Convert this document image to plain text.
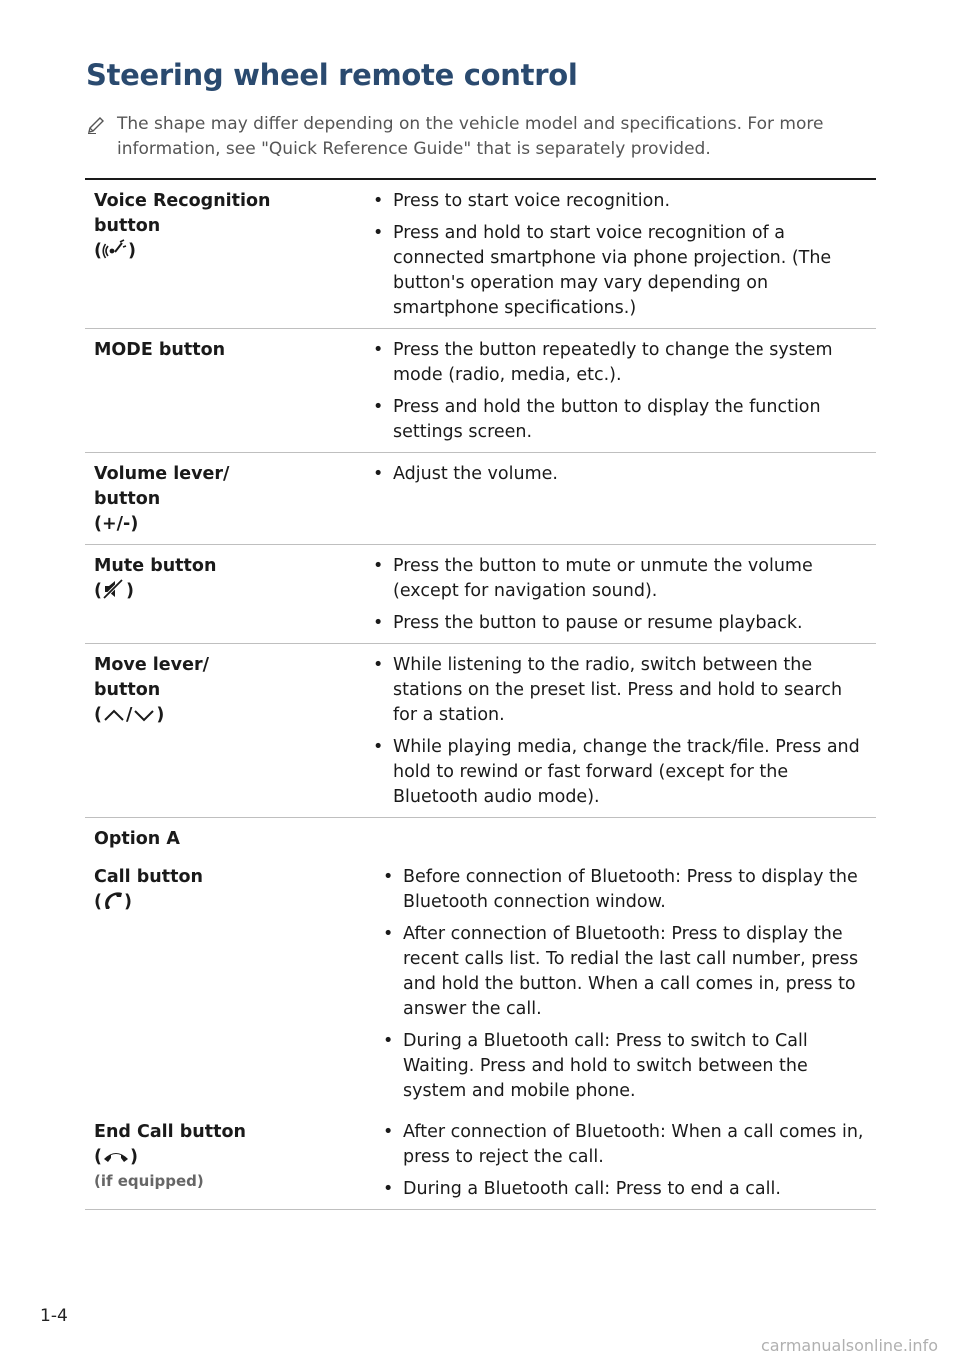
Steering wheel remote control
The shape may differ depending on the vehicle model and specifications. For more information, see "Quick Reference Guide" that is separately provided.
Voice Recognition
button
( )
• Press to start voice recognition.
• Press and hold to start voice recognition of a connected smartphone via phone projection. (The button's operation may vary depending on smartphone specifications.)
MODE button	• Press the button repeatedly to change the system mode (radio, media, etc.).
• Press and hold the button to display the function settings screen.
Volume lever/
button
(+/-)
• Adjust the volume.
Mute button
( )
• Press the button to mute or unmute the volume (except for navigation sound).
• Press the button to pause or resume playback.
Move lever/
button
( / )
• While listening to the radio, switch between the stations on the preset list. Press and hold to search for a station.
• While playing media, change the track/file. Press and hold to rewind or fast forward (except for the Bluetooth audio mode).
Option A
Call button
( )
• Before connection of Bluetooth: Press to display the Bluetooth connection window.
• After connection of Bluetooth: Press to display the recent calls list. To redial the last call number, press and hold the button. When a call comes in, press to answer the call.
• During a Bluetooth call: Press to switch to Call Waiting. Press and hold to switch between the system and mobile phone.
End Call button
( )
(if equipped)
• After connection of Bluetooth: When a call comes in, press to reject the call.
• During a Bluetooth call: Press to end a call.
1-4
carmanualsonline.info
